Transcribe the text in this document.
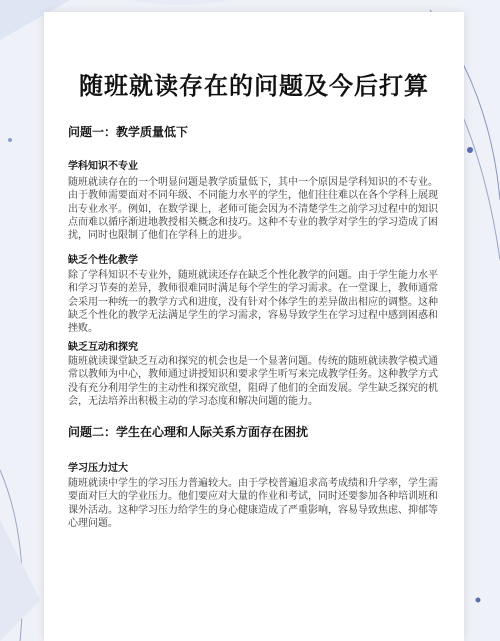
随班就读存在的问题及今后打算
问题一：教学质量低下
学科知识不专业
随班就读存在的一个明显问题是教学质量低下，其中一个原因是学科知识的不专业。由于教师需要面对不同年级、不同能力水平的学生，他们往往难以在各个学科上展现出专业水平。例如，在数学课上，老师可能会因为不清楚学生之前学习过程中的知识点而难以循序渐进地教授相关概念和技巧。这种不专业的教学对学生的学习造成了困扰，同时也限制了他们在学科上的进步。
缺乏个性化教学
除了学科知识不专业外，随班就读还存在缺乏个性化教学的问题。由于学生能力水平和学习节奏的差异，教师很难同时满足每个学生的学习需求。在一堂课上，教师通常会采用一种统一的教学方式和进度，没有针对个体学生的差异做出相应的调整。这种缺乏个性化的教学无法满足学生的学习需求，容易导致学生在学习过程中感到困惑和挫败。
缺乏互动和探究
随班就读课堂缺乏互动和探究的机会也是一个显著问题。传统的随班就读教学模式通常以教师为中心，教师通过讲授知识和要求学生听写来完成教学任务。这种教学方式没有充分利用学生的主动性和探究欲望，阻碍了他们的全面发展。学生缺乏探究的机会，无法培养出积极主动的学习态度和解决问题的能力。
问题二：学生在心理和人际关系方面存在困扰
学习压力过大
随班就读中学生的学习压力普遍较大。由于学校普遍追求高考成绩和升学率，学生需要面对巨大的学业压力。他们要应对大量的作业和考试，同时还要参加各种培训班和课外活动。这种学习压力给学生的身心健康造成了严重影响，容易导致焦虑、抑郁等心理问题。
